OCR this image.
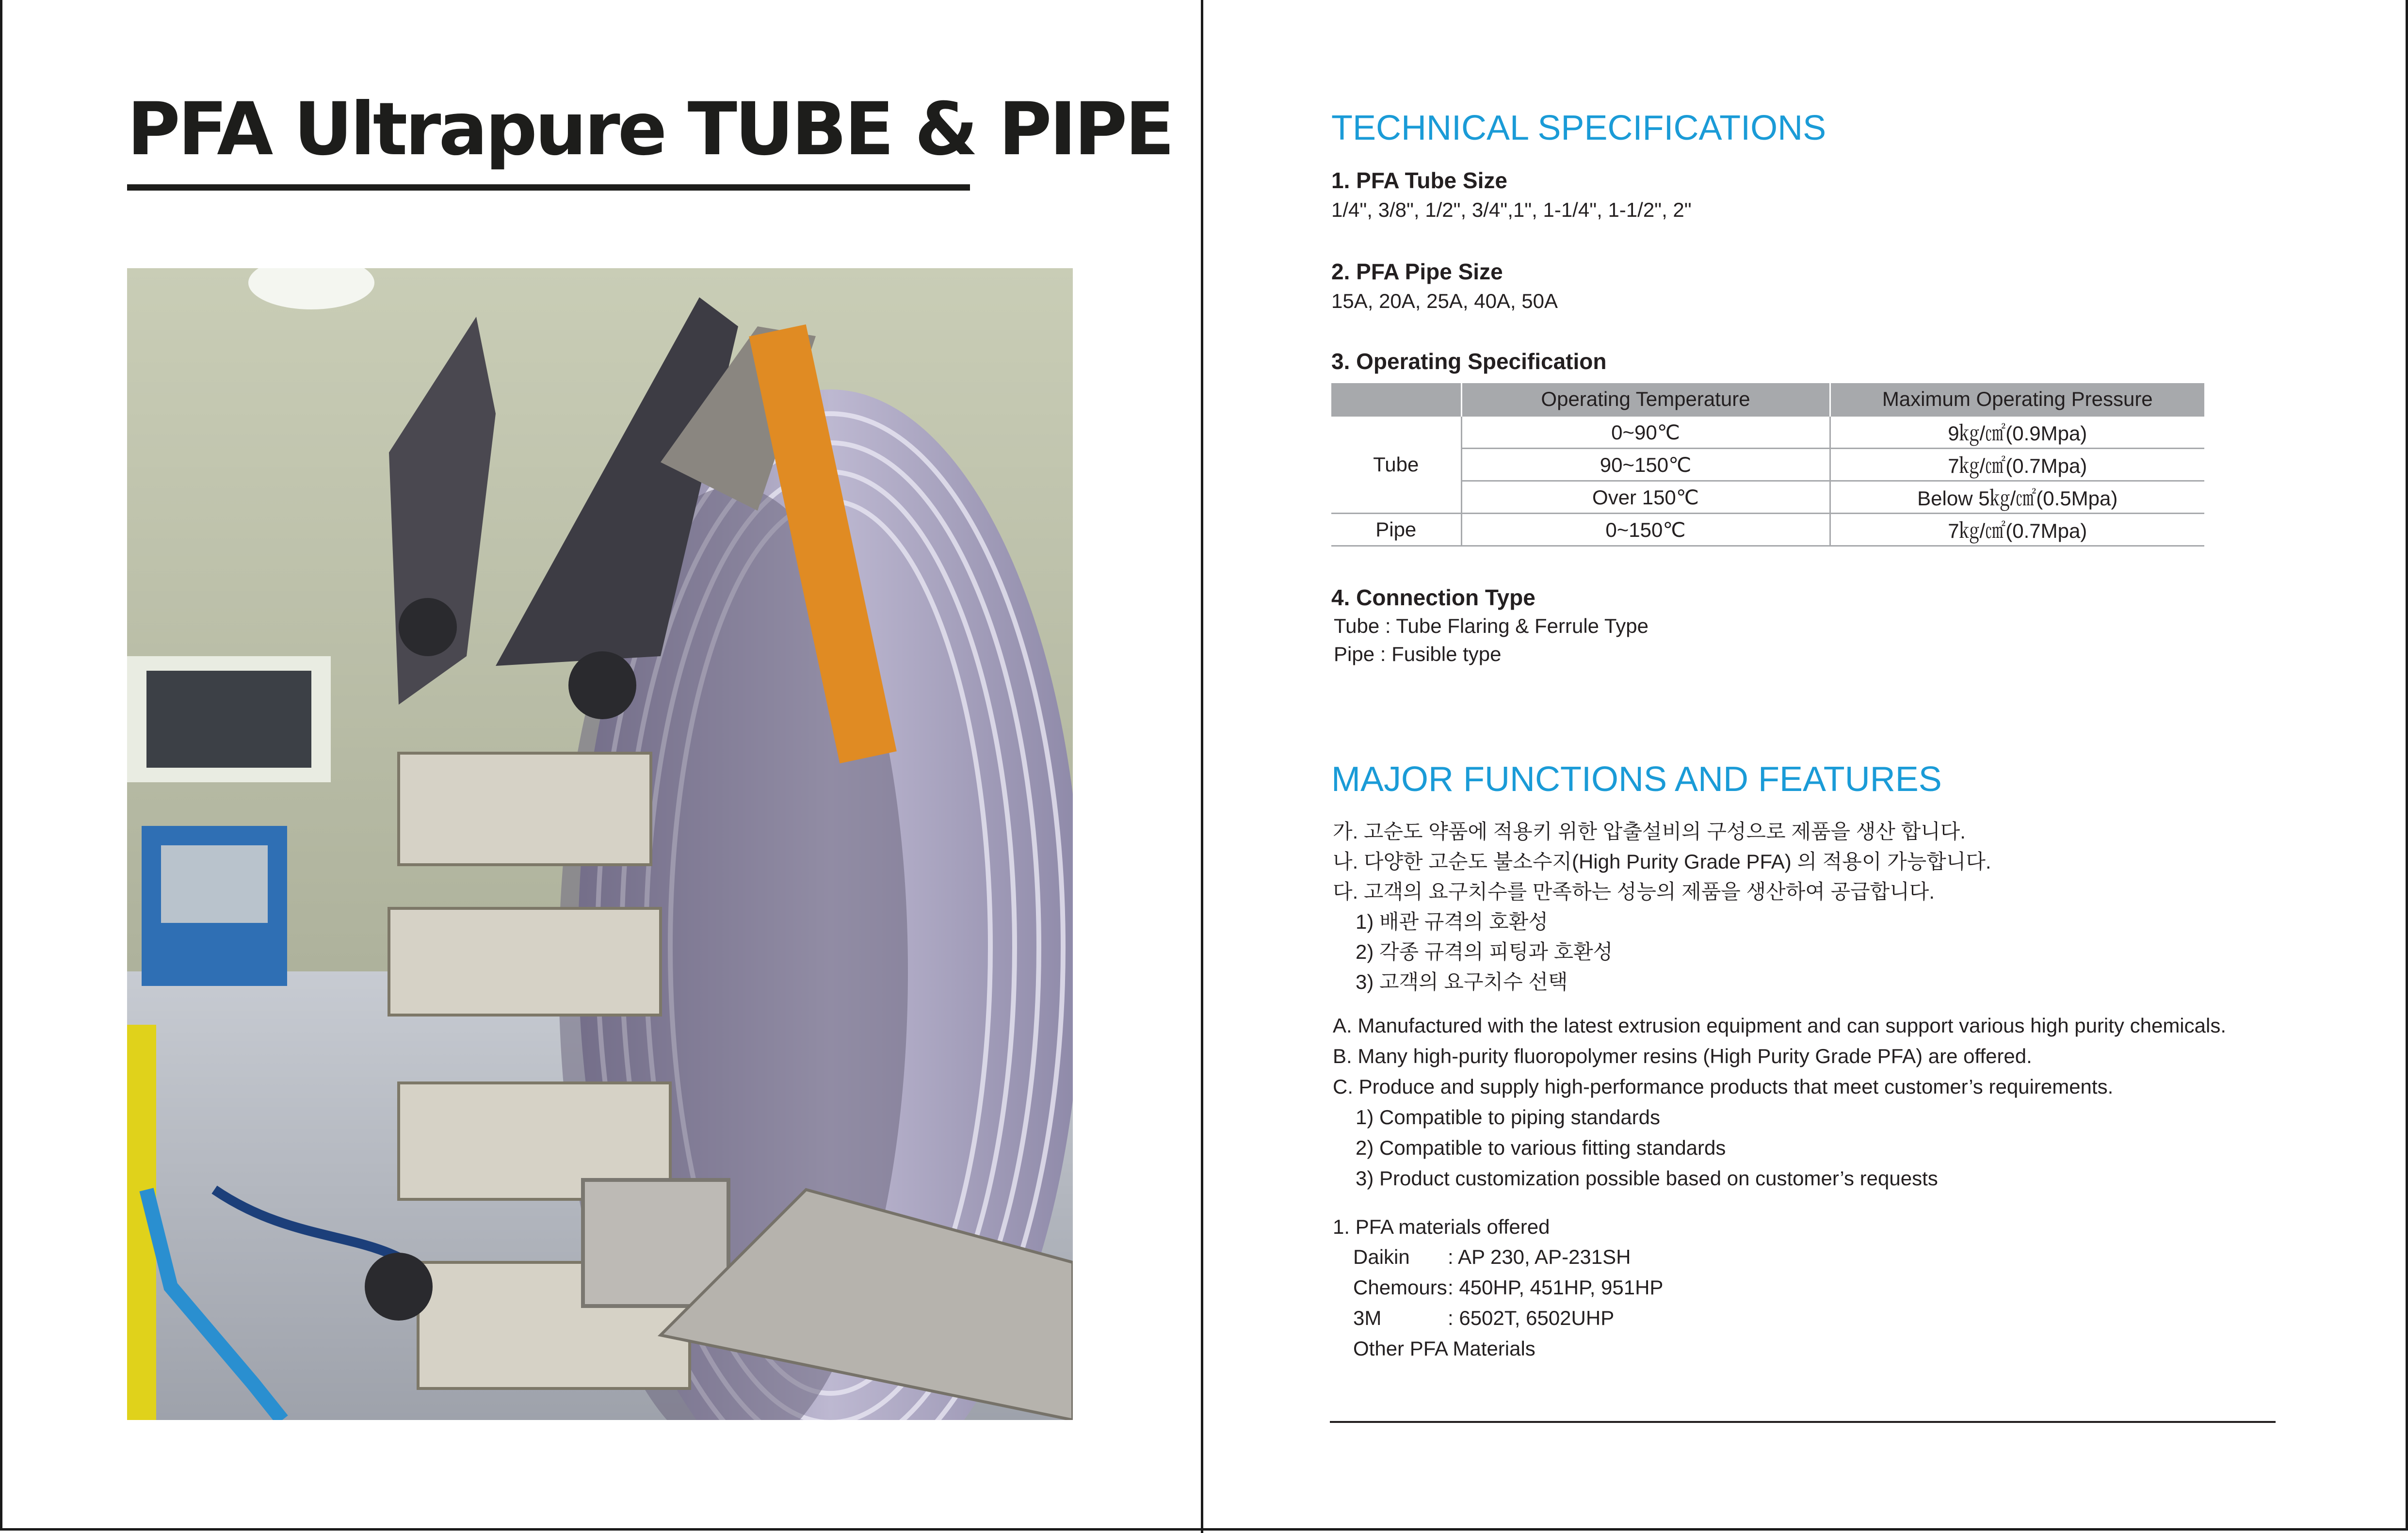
PFA Ultrapure TUBE & PIPE	TECHNICAL SPECIFICATIONS

1. PFA Tube Size

1/4", 3/8", 1/2", 3/4",1", 1-1/4", 1-1/2", 2"

2. PFA Pipe Size

15A, 20A, 25A, 40A, 50A

3. Operating Specification

	Operating Temperature	Maximum Operating Pressure
Tube	0~90℃	9㎏/㎠(0.9Mpa)
	90~150℃	7㎏/㎠(0.7Mpa)
	Over 150℃	Below 5㎏/㎠(0.5Mpa)
Pipe	0~150℃	7㎏/㎠(0.7Mpa)

4. Connection Type

Tube : Tube Flaring & Ferrule Type

Pipe : Fusible type

MAJOR FUNCTIONS AND FEATURES

가. 고순도 약품에 적용키 위한 압출설비의 구성으로 제품을 생산 합니다.

나. 다양한 고순도 불소수지(High Purity Grade PFA) 의 적용이 가능합니다.

다. 고객의 요구치수를 만족하는 성능의 제품을 생산하여 공급합니다.

1) 배관 규격의 호환성

2) 각종 규격의 피팅과 호환성

3) 고객의 요구치수 선택

A. Manufactured with the latest extrusion equipment and can support various high purity chemicals.

B. Many high-purity fluoropolymer resins (High Purity Grade PFA) are offered.

C. Produce and supply high-performance products that meet customer’s requirements.

1) Compatible to piping standards

2) Compatible to various fitting standards

3) Product customization possible based on customer’s requests

1. PFA materials offered

Daikin : AP 230, AP-231SH
Chemours : 450HP, 451HP, 951HP
3M	: 6502T, 6502UHP
Other PFA Materials
